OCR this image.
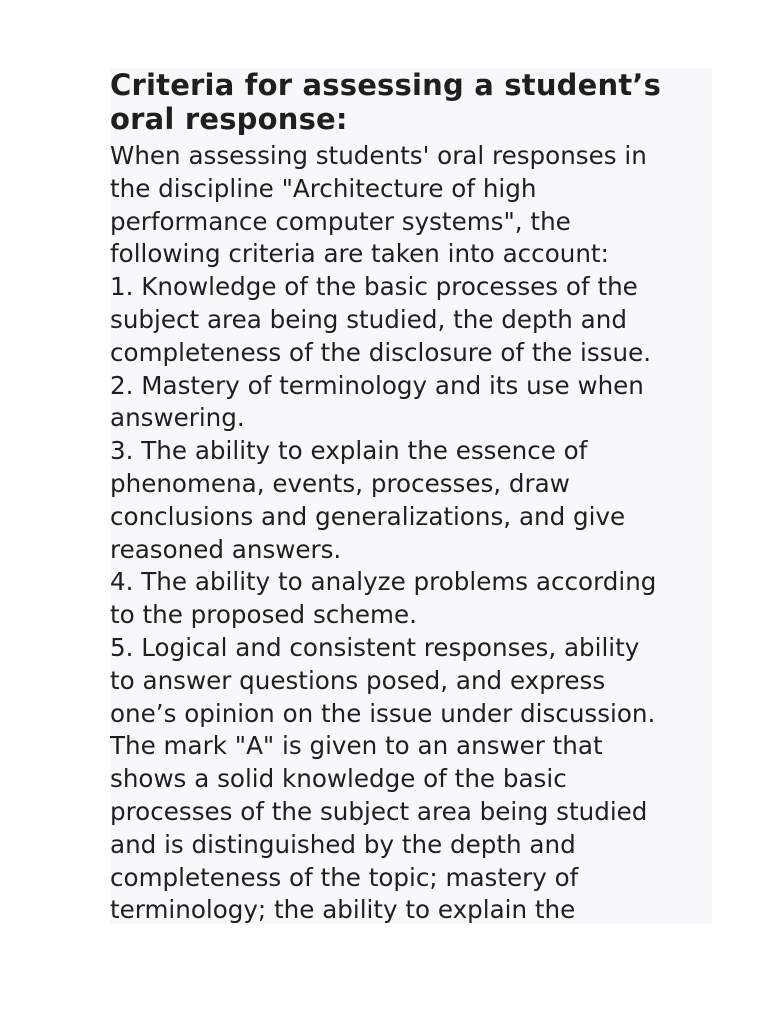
Criteria for assessing a student’s
oral response:
When assessing students' oral responses in
the discipline "Architecture of high
performance computer systems", the
following criteria are taken into account:
1. Knowledge of the basic processes of the
subject area being studied, the depth and
completeness of the disclosure of the issue.
2. Mastery of terminology and its use when
answering.
3. The ability to explain the essence of
phenomena, events, processes, draw
conclusions and generalizations, and give
reasoned answers.
4. The ability to analyze problems according
to the proposed scheme.
5. Logical and consistent responses, ability
to answer questions posed, and express
one’s opinion on the issue under discussion.
The mark "A" is given to an answer that
shows a solid knowledge of the basic
processes of the subject area being studied
and is distinguished by the depth and
completeness of the topic; mastery of
terminology; the ability to explain the
